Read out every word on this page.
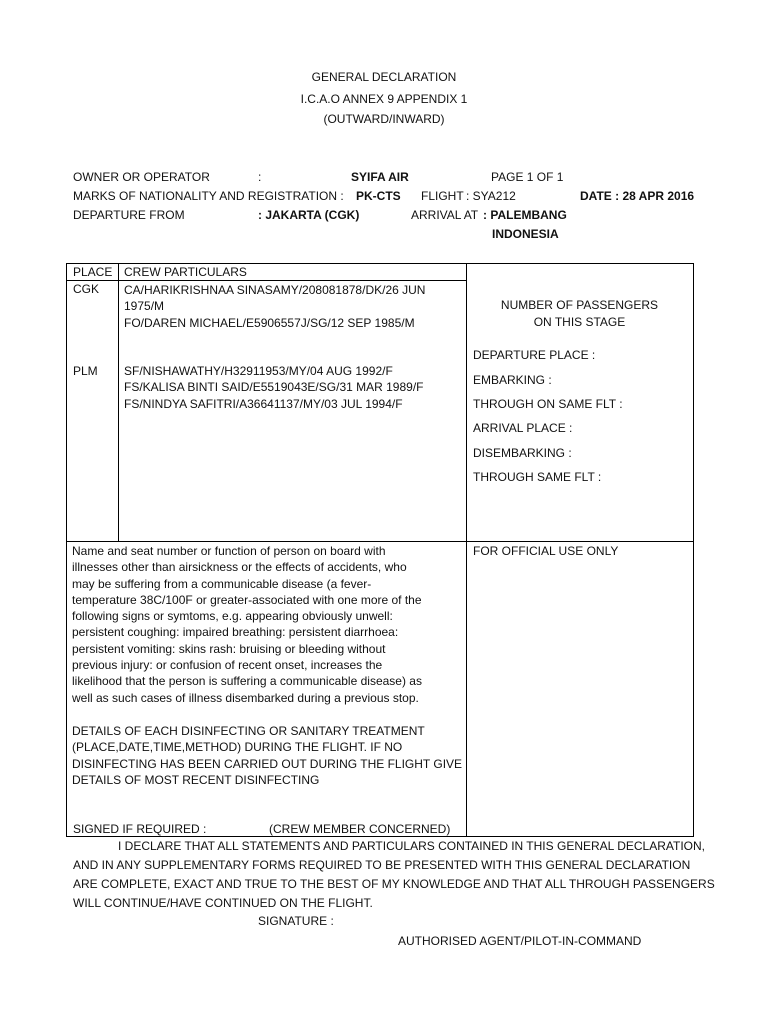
GENERAL DECLARATION
I.C.A.O ANNEX 9 APPENDIX 1
(OUTWARD/INWARD)
OWNER OR OPERATOR	:	SYIFA AIR	PAGE 1 OF 1
MARKS OF NATIONALITY AND REGISTRATION : PK-CTS FLIGHT : SYA212	DATE : 28 APR 2016
DEPARTURE FROM	: JAKARTA (CGK)	ARRIVAL AT : PALEMBANG
INDONESIA
PLACE CREW PARTICULARS
CGK CA/HARIKRISHNAA SINASAMY/208081878/DK/26 JUN
1975/M
FO/DAREN MICHAEL/E5906557J/SG/12 SEP 1985/M
PLM SF/NISHAWATHY/H32911953/MY/04 AUG 1992/F
FS/KALISA BINTI SAID/E5519043E/SG/31 MAR 1989/F
FS/NINDYA SAFITRI/A36641137/MY/03 JUL 1994/F
NUMBER OF PASSENGERS
ON THIS STAGE
DEPARTURE PLACE :
EMBARKING :
THROUGH ON SAME FLT :
ARRIVAL PLACE :
DISEMBARKING :
THROUGH SAME FLT :
Name and seat number or function of person on board with
illnesses other than airsickness or the effects of accidents, who
may be suffering from a communicable disease (a fever-
temperature 38C/100F or greater-associated with one more of the
following signs or symtoms, e.g. appearing obviously unwell:
persistent coughing: impaired breathing: persistent diarrhoea:
persistent vomiting: skins rash: bruising or bleeding without
previous injury: or confusion of recent onset, increases the
likelihood that the person is suffering a communicable disease) as
well as such cases of illness disembarked during a previous stop.
DETAILS OF EACH DISINFECTING OR SANITARY TREATMENT
(PLACE,DATE,TIME,METHOD) DURING THE FLIGHT. IF NO
DISINFECTING HAS BEEN CARRIED OUT DURING THE FLIGHT GIVE
DETAILS OF MOST RECENT DISINFECTING
FOR OFFICIAL USE ONLY
SIGNED IF REQUIRED :	(CREW MEMBER CONCERNED)
I DECLARE THAT ALL STATEMENTS AND PARTICULARS CONTAINED IN THIS GENERAL DECLARATION,
AND IN ANY SUPPLEMENTARY FORMS REQUIRED TO BE PRESENTED WITH THIS GENERAL DECLARATION
ARE COMPLETE, EXACT AND TRUE TO THE BEST OF MY KNOWLEDGE AND THAT ALL THROUGH PASSENGERS
WILL CONTINUE/HAVE CONTINUED ON THE FLIGHT.
SIGNATURE :
AUTHORISED AGENT/PILOT-IN-COMMAND
